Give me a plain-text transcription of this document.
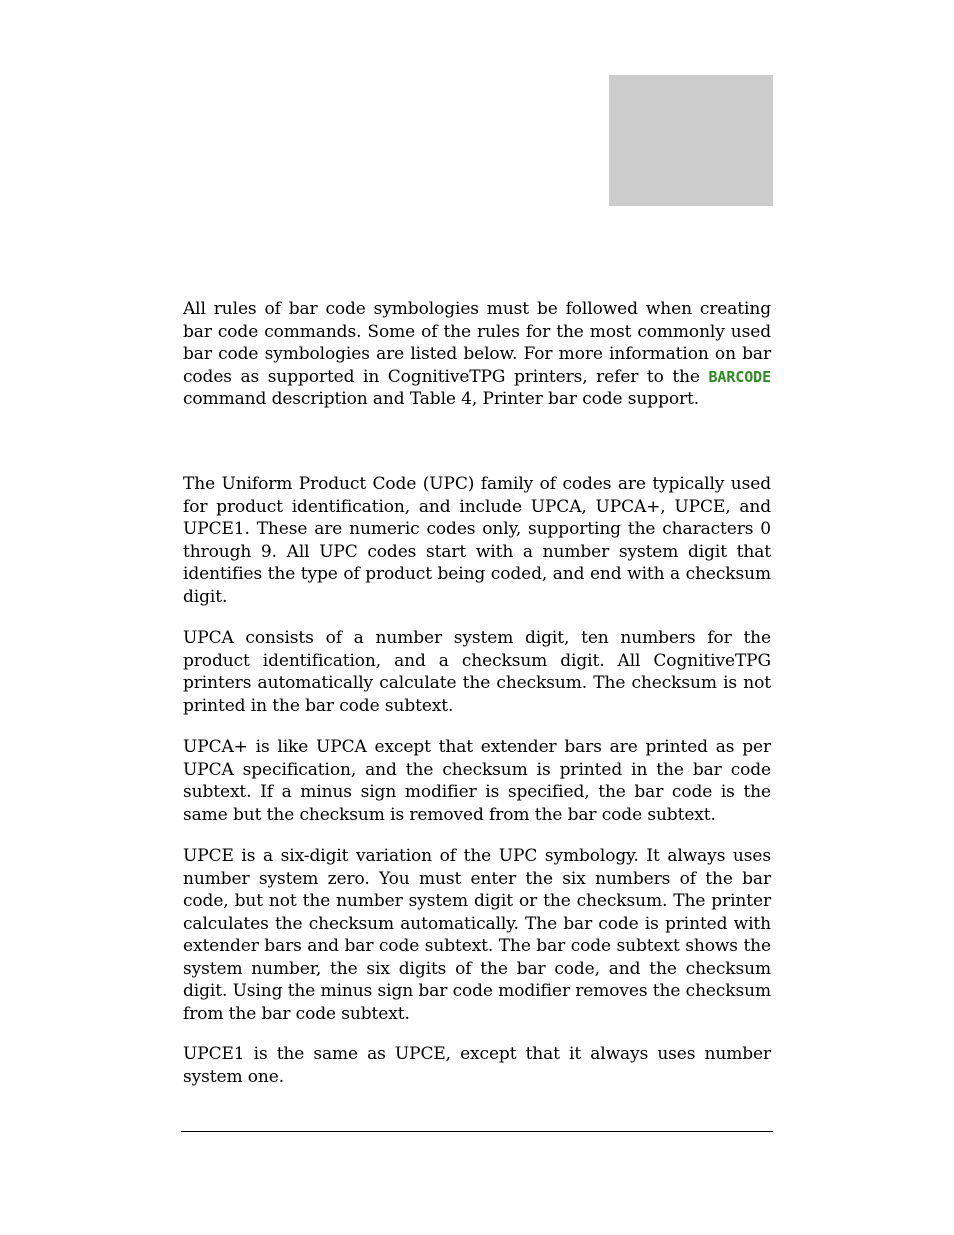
All rules of bar code symbologies must be followed when creating bar code commands. Some of the rules for the most commonly used bar code symbologies are listed below. For more information on bar codes as supported in CognitiveTPG printers, refer to the BARCODE command description and Table 4, Printer bar code support.

The Uniform Product Code (UPC) family of codes are typically used for product identification, and include UPCA, UPCA+, UPCE, and UPCE1. These are numeric codes only, supporting the characters 0 through 9. All UPC codes start with a number system digit that identifies the type of product being coded, and end with a checksum digit.

UPCA consists of a number system digit, ten numbers for the product identification, and a checksum digit. All CognitiveTPG printers automatically calculate the checksum. The checksum is not printed in the bar code subtext.

UPCA+ is like UPCA except that extender bars are printed as per UPCA specification, and the checksum is printed in the bar code subtext. If a minus sign modifier is specified, the bar code is the same but the checksum is removed from the bar code subtext.

UPCE is a six-digit variation of the UPC symbology. It always uses number system zero. You must enter the six numbers of the bar code, but not the number system digit or the checksum. The printer calculates the checksum automatically. The bar code is printed with extender bars and bar code subtext. The bar code subtext shows the system number, the six digits of the bar code, and the checksum digit. Using the minus sign bar code modifier removes the checksum from the bar code subtext.

UPCE1 is the same as UPCE, except that it always uses number system one.
